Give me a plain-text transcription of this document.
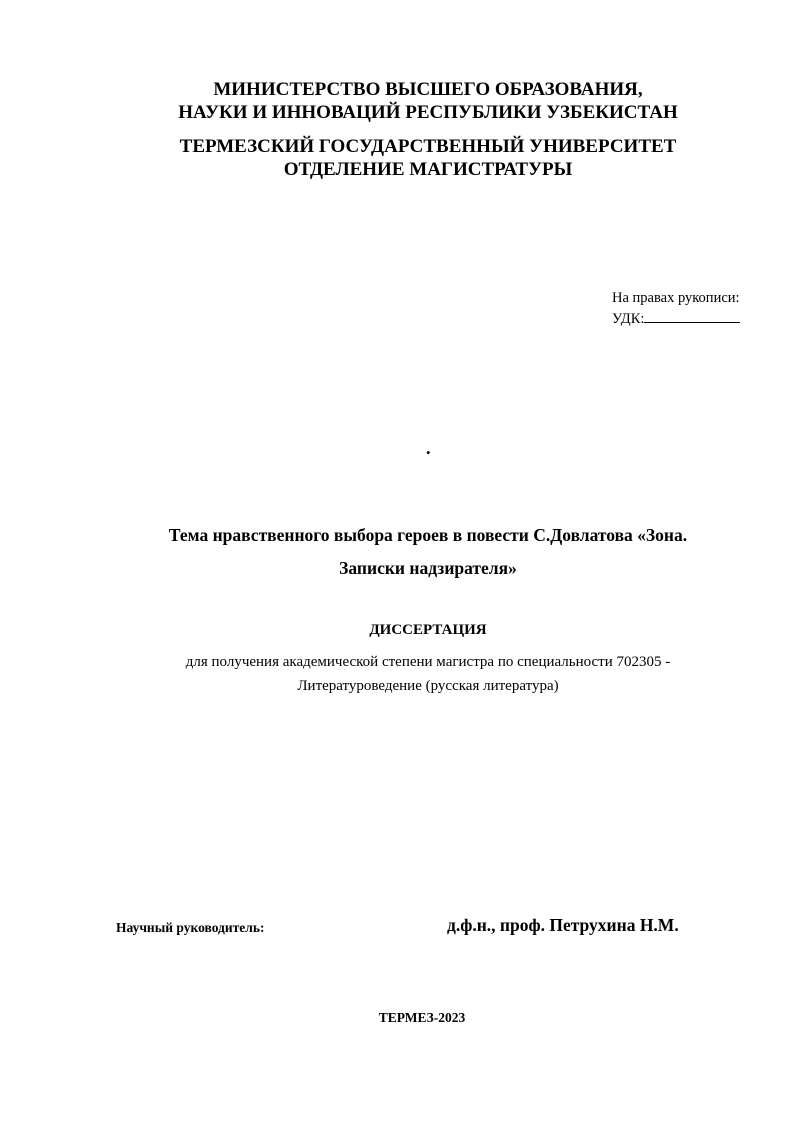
МИНИСТЕРСТВО ВЫСШЕГО ОБРАЗОВАНИЯ,
НАУКИ И ИННОВАЦИЙ РЕСПУБЛИКИ УЗБЕКИСТАН
ТЕРМЕЗСКИЙ ГОСУДАРСТВЕННЫЙ УНИВЕРСИТЕТ
ОТДЕЛЕНИЕ МАГИСТРАТУРЫ
На правах рукописи:
УДК:
.
Тема нравственного выбора героев в повести С.Довлатова «Зона.
Записки надзирателя»
ДИССЕРТАЦИЯ
для получения академической степени магистра по специальности 702305 -
Литературоведение (русская литература)
Научный руководитель:	д.ф.н., проф. Петрухина Н.М.
ТЕРМЕЗ-2023
